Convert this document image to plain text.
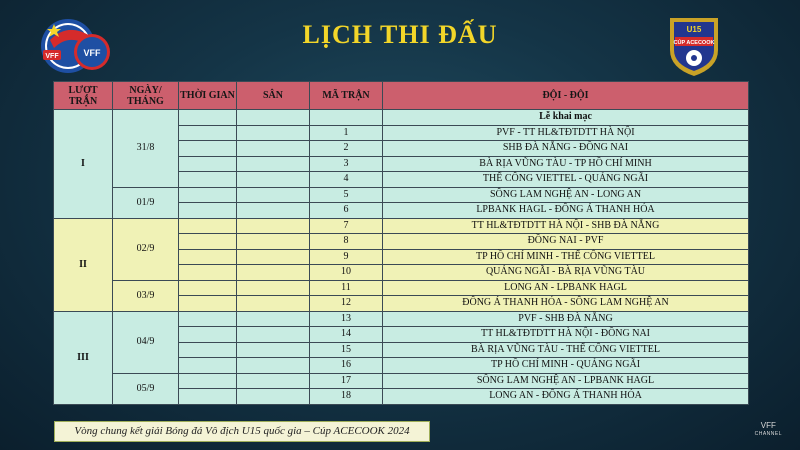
VFF	VFF
U15
CÚP ACECOOK
LỊCH THI ĐẤU
LƯỢT TRẬN	NGÀY/ THÁNG	THỜI GIAN	SÂN	MÃ TRẬN	ĐỘI - ĐỘI
I	31/8				Lễ khai mạc
				1	PVF - TT HL&TĐTDTT HÀ NỘI
				2	SHB ĐÀ NẴNG - ĐỒNG NAI
				3	BÀ RỊA VŨNG TÀU - TP HỒ CHÍ MINH
				4	THỂ CÔNG VIETTEL - QUẢNG NGÃI
	01/9			5	SÔNG LAM NGHỆ AN - LONG AN
				6	LPBANK HAGL - ĐÔNG Á THANH HÓA
II	02/9			7	TT HL&TĐTDTT HÀ NỘI - SHB ĐÀ NẴNG
				8	ĐỒNG NAI - PVF
				9	TP HỒ CHÍ MINH - THỂ CÔNG VIETTEL
				10	QUẢNG NGÃI - BÀ RỊA VŨNG TÀU
	03/9			11	LONG AN - LPBANK HAGL
				12	ĐÔNG Á THANH HÓA - SÔNG LAM NGHỆ AN
III	04/9			13	PVF - SHB ĐÀ NẴNG
				14	TT HL&TĐTDTT HÀ NỘI - ĐỒNG NAI
				15	BÀ RỊA VŨNG TÀU - THỂ CÔNG VIETTEL
				16	TP HỒ CHÍ MINH - QUẢNG NGÃI
	05/9			17	SÔNG LAM NGHỆ AN - LPBANK HAGL
				18	LONG AN - ĐÔNG Á THANH HÓA
Vòng chung kết giải Bóng đá Vô địch U15 quốc gia – Cúp ACECOOK 2024	VFF
CHANNEL
